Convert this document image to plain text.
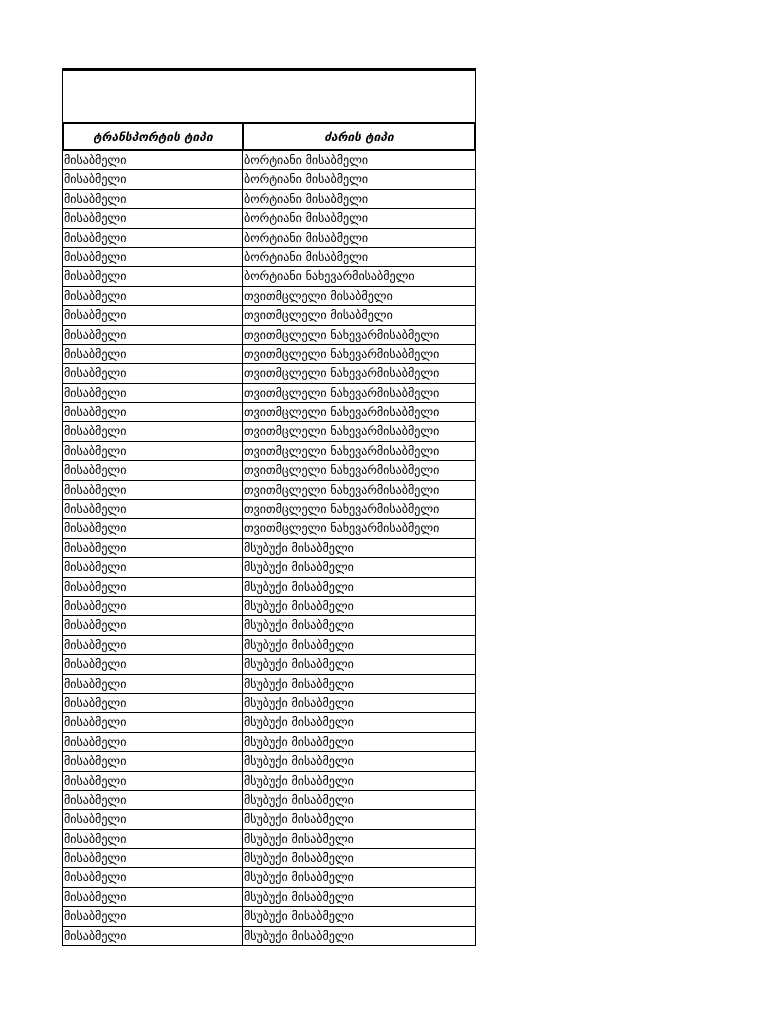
ტრანსპორტის ტიპი	ძარის ტიპი
მისაბმელი	ბორტიანი მისაბმელი
მისაბმელი	ბორტიანი მისაბმელი
მისაბმელი	ბორტიანი მისაბმელი
მისაბმელი	ბორტიანი მისაბმელი
მისაბმელი	ბორტიანი მისაბმელი
მისაბმელი	ბორტიანი მისაბმელი
მისაბმელი	ბორტიანი ნახევარმისაბმელი
მისაბმელი	თვითმცლელი მისაბმელი
მისაბმელი	თვითმცლელი მისაბმელი
მისაბმელი	თვითმცლელი ნახევარმისაბმელი
მისაბმელი	თვითმცლელი ნახევარმისაბმელი
მისაბმელი	თვითმცლელი ნახევარმისაბმელი
მისაბმელი	თვითმცლელი ნახევარმისაბმელი
მისაბმელი	თვითმცლელი ნახევარმისაბმელი
მისაბმელი	თვითმცლელი ნახევარმისაბმელი
მისაბმელი	თვითმცლელი ნახევარმისაბმელი
მისაბმელი	თვითმცლელი ნახევარმისაბმელი
მისაბმელი	თვითმცლელი ნახევარმისაბმელი
მისაბმელი	თვითმცლელი ნახევარმისაბმელი
მისაბმელი	თვითმცლელი ნახევარმისაბმელი
მისაბმელი	მსუბუქი მისაბმელი
მისაბმელი	მსუბუქი მისაბმელი
მისაბმელი	მსუბუქი მისაბმელი
მისაბმელი	მსუბუქი მისაბმელი
მისაბმელი	მსუბუქი მისაბმელი
მისაბმელი	მსუბუქი მისაბმელი
მისაბმელი	მსუბუქი მისაბმელი
მისაბმელი	მსუბუქი მისაბმელი
მისაბმელი	მსუბუქი მისაბმელი
მისაბმელი	მსუბუქი მისაბმელი
მისაბმელი	მსუბუქი მისაბმელი
მისაბმელი	მსუბუქი მისაბმელი
მისაბმელი	მსუბუქი მისაბმელი
მისაბმელი	მსუბუქი მისაბმელი
მისაბმელი	მსუბუქი მისაბმელი
მისაბმელი	მსუბუქი მისაბმელი
მისაბმელი	მსუბუქი მისაბმელი
მისაბმელი	მსუბუქი მისაბმელი
მისაბმელი	მსუბუქი მისაბმელი
მისაბმელი	მსუბუქი მისაბმელი
მისაბმელი	მსუბუქი მისაბმელი
